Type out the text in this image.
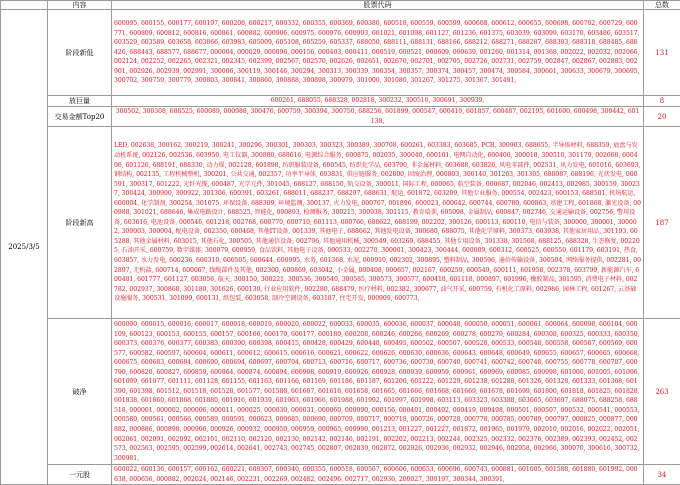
	内容	股票代码	总数
2025/3/5	阶段新低	600095, 600155, 600177, 600197, 600208, 600217, 600332, 600355, 600369, 600380, 600518, 600559, 600599, 600608, 600612, 600655, 600698, 600702, 600729, 600771, 600809, 600812, 600816, 600861, 600882, 600906, 600975, 600976, 600993, 601021, 601098, 601127, 601236, 601375, 603039, 603099, 603170, 603486, 603517, 603529, 603589, 603658, 603866, 603983, 605009, 605108, 605259, 605337, 688050, 688111, 688131, 688166, 688212, 688271, 688287, 688303, 688318, 688485, 688426, 688443, 688577, 688677, 000004, 000029, 000096, 000156, 000403, 000411, 000519, 000521, 000609, 000639, 001260, 001314, 001368, 002022, 002032, 002066, 002124, 002252, 002265, 002321, 002345, 002399, 002567, 002570, 002626, 002651, 002670, 002701, 002705, 002726, 002731, 002759, 002847, 002867, 002883, 002901, 002926, 002939, 002991, 300006, 300119, 300146, 300294, 300313, 300339, 300354, 300357, 300374, 300457, 300474, 300584, 300601, 300633, 300679, 300695, 300702, 300759, 300779, 300803, 300841, 300860, 300888, 300898, 300979, 301000, 301080, 301267, 301275, 301367, 301491,	131
	放巨量	600261, 688055, 688328, 002818, 300232, 300510, 300691, 300939,	8
	交易金额Top20	300502, 300308, 688525, 600089, 000988, 300476, 600759, 300394, 300750, 688256, 601899, 000547, 600410, 601857, 600487, 002195, 601600, 600498, 300442, 601138,	20
	阶段新高	LED, 002638, 300162, 300219, 300241, 300296, 300301, 300303, 300323, 300389, 300708, 600261, 603383, 603685, PCB, 300903, 688655, 半导体材料, 688359, 底盘与发动机系统, 002126, 002536, 603950, 电工仪器, 300880, 688616, 电源综合服务, 600875, 002035, 300040, 600101, 电网自动化, 600400, 300018, 300510, 301179, 002668, 600406, 601126, 688191, 688330, 动力煤, 002128, 601898, 纺织服装设备, 600545, 纺织化学品, 603790, 非金属材料, 603688, 603826, 风电零部件, 002531, 风力发电, 601016, 603693, 钢结构, 002135, 工程机械整机, 300201, 公共交通, 002357, 功率半导体, 603831, 供应链服务, 002800, 固废治理, 000803, 300140, 301263, 301305, 688087, 688196, 光伏发电, 000591, 300317, 601222, 光纤光缆, 600487, 光学元件, 301045, 688127, 688150, 轨交设备, 300011, 国际工程, 000065, 航空装备, 000687, 002046, 002413, 002985, 300159, 300237, 300424, 300900, 300922, 301306, 600391, 603261, 688011, 688237, 688297, 688631, 航运, 601872, 603209, 其他专业服务, 000554, 002423, 600153, 688501, 机场航运, 600004, 化学制剂, 300254, 301075, 环保设备, 688309, 环境监测, 300137, 火力发电, 000767, 001896, 600023, 600642, 600744, 600780, 600863, 基建工程, 601868, 激光设备, 000988, 301021, 688646, 集成电路设计, 688525, 智能化, 000893, 检测服务, 300215, 300938, 301115, 教育培训, 605098, 金属制品, 600847, 002746, 交通运输设备, 002756, 警用设备, 603616, 电池设备, 000546, 601218, 002768, 600770, 600710, 601113, 000766, 688622, 688199, 002202, 300126, 600113, 600110, 电信与装备, 300000, 300001, 300002, 300003, 300004, 配电设备, 002350, 600468, 其他IT设备, 001339, 其他电子, 688662, 其他发电设备, 300680, 688075, 其他化学原料, 300373, 603938, 其他家居用品, 301193, 605288, 其他金属材料, 603015, 其他石化, 300505, 其他通信设备, 002796, 其他通用机械, 300549, 603269, 688455, 其他专用设备, 301338, 301568, 688125, 688328, 生态修复, 002205, 石油开采, 600759, 数字媒体, 300079, 600959, 食品饮料, 其他电子设备, 000533, 002270, 300001, 300423, 300444, 600089, 600312, 600525, 600550, 601179, 603191, 热食, 603857, 水力发电, 600236, 600310, 600505, 600644, 600995, 水务, 601368, 水泥, 000910, 002302, 300895, 塑料制品, 300596, 通信传输设备, 300504, 网络服务提供, 002281, 002897, 无机盐, 600714, 600067, 线缆部件及其他, 002300, 600869, 603042, 小金属, 000408, 000657, 002167, 600259, 600549, 600111, 601958, 002378, 603799, 新能源汽车, 600481, 601777, 601127, 603056, 航天, 300150, 300221, 300536, 300540, 300585, 300573, 300577, 600418, 601118, 000897, 601996, 橡胶制品, 301595, 消费电子材料, 002782, 002937, 300868, 301180, 301626, 600130, 行业应用软件, 002280, 688479, 医疗材料, 002382, 300677, 油气开采, 600759, 有机化工原料, 002986, 园林工程, 601267, 云基础设施服务, 300531, 301099, 600131, 纸包装, 603058, 制冷空调设备, 603187, 住宅开发, 000909, 600773,	187
	破净	600000, 600015, 600016, 600017, 600018, 600019, 600020, 600022, 600033, 600035, 600036, 600037, 600048, 600050, 600051, 600061, 600064, 600098, 600104, 600109, 600123, 600153, 600155, 600157, 600166, 600170, 600177, 600180, 600208, 600246, 600266, 600269, 600278, 600279, 600284, 600308, 600325, 600333, 600350, 600373, 600376, 600377, 600383, 600390, 600398, 600415, 600428, 600429, 600448, 600495, 600502, 600507, 600528, 600533, 600548, 600558, 600567, 600569, 600577, 600582, 600597, 600604, 600611, 600612, 600615, 600616, 600621, 600622, 600626, 600630, 600636, 600643, 600648, 600649, 600655, 600657, 600665, 600668, 600675, 600683, 600684, 600690, 600694, 600697, 600704, 600713, 600716, 600717, 600736, 600739, 600740, 600741, 600742, 600748, 600755, 600778, 600787, 600790, 600820, 600827, 600859, 600864, 600874, 600894, 600908, 600919, 600926, 600928, 600939, 600959, 600961, 600969, 600985, 600998, 601000, 601005, 601006, 601009, 601077, 601111, 601128, 601155, 601163, 601166, 601169, 601186, 601187, 601200, 601222, 601229, 601238, 601288, 601326, 601328, 601333, 601368, 601390, 601398, 601512, 601518, 601528, 601577, 601588, 601607, 601618, 601658, 601665, 601666, 601668, 601669, 601678, 601699, 601800, 601818, 601825, 601828, 601838, 601860, 601868, 601880, 601916, 601939, 601963, 601966, 601988, 601992, 601997, 601998, 603113, 603323, 603388, 603665, 603697, 688075, 688258, 688518, 000001, 000002, 000006, 000011, 000025, 000030, 000031, 000060, 000090, 000156, 000401, 000402, 000419, 000498, 000501, 000507, 000532, 000541, 000553, 000580, 000561, 000566, 000589, 000591, 000623, 000685, 000690, 000709, 000717, 000718, 000726, 000728, 000778, 000785, 000789, 000797, 000825, 000877, 000882, 000886, 000898, 000906, 000926, 000932, 000950, 000959, 000965, 000990, 001213, 001227, 001227, 001872, 001965, 001979, 002010, 002016, 002022, 002051, 002061, 002091, 002092, 002101, 002110, 002120, 002130, 002142, 002146, 002191, 002202, 002213, 002244, 002325, 002332, 002376, 002389, 002393, 002452, 002573, 002563, 002595, 002599, 002614, 002641, 002743, 002745, 002807, 002839, 002872, 002926, 002936, 002932, 002946, 002958, 002966, 300070, 300616, 300732, 300981,	263
	一元股	600022, 600136, 600157, 600162, 600221, 600307, 600340, 600355, 600518, 600567, 600606, 600653, 600696, 600743, 600881, 601005, 601588, 601880, 601992, 000638, 000656, 000882, 002024, 002146, 002231, 002269, 002482, 002496, 002717, 002936, 200027, 300197, 300344, 300391,	34
